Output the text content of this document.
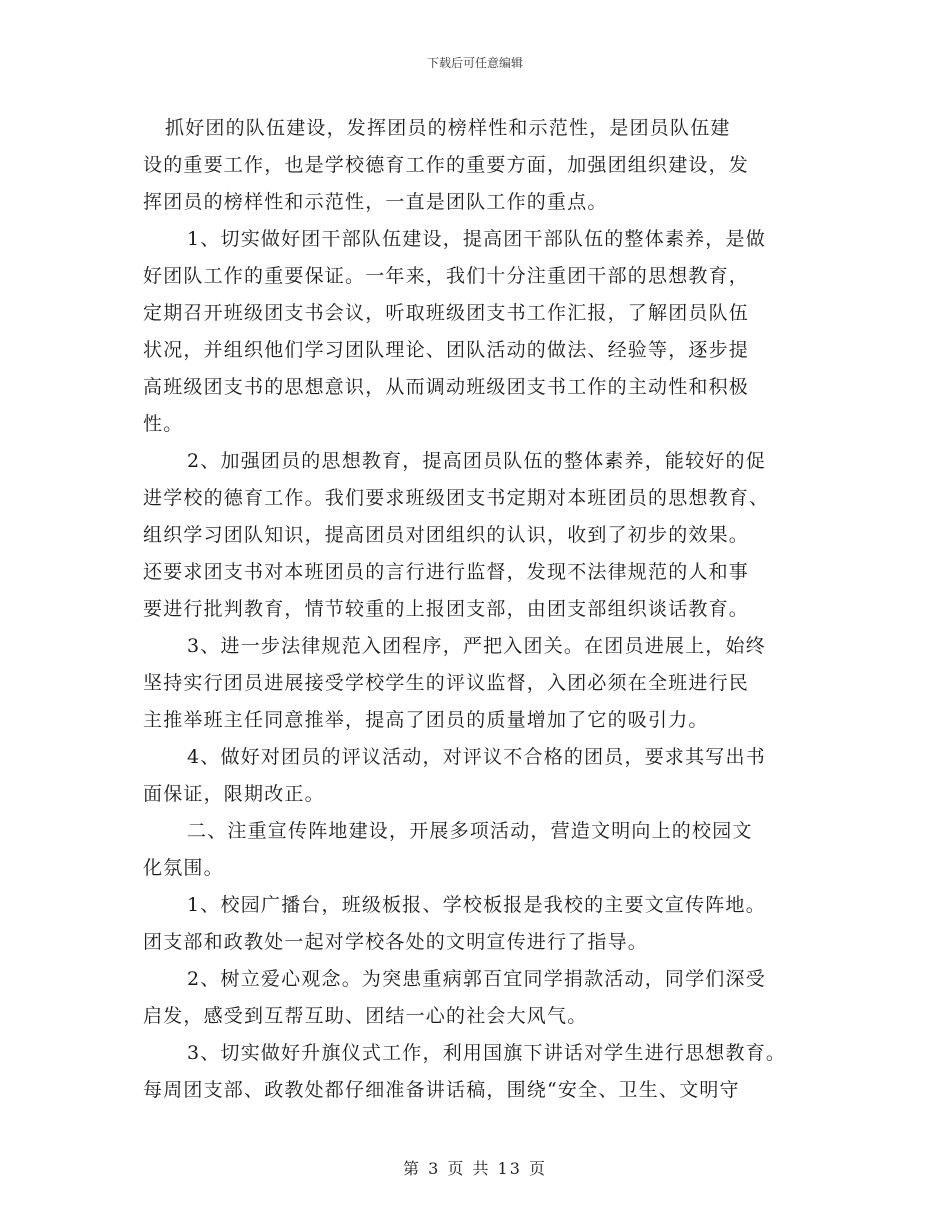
下载后可任意编辑
抓好团的队伍建设，发挥团员的榜样性和示范性，是团员队伍建
设的重要工作，也是学校德育工作的重要方面，加强团组织建设，发
挥团员的榜样性和示范性，一直是团队工作的重点。
1、切实做好团干部队伍建设，提高团干部队伍的整体素养，是做
好团队工作的重要保证。一年来，我们十分注重团干部的思想教育，
定期召开班级团支书会议，听取班级团支书工作汇报，了解团员队伍
状况，并组织他们学习团队理论、团队活动的做法、经验等，逐步提
高班级团支书的思想意识，从而调动班级团支书工作的主动性和积极
性。
2、加强团员的思想教育，提高团员队伍的整体素养，能较好的促
进学校的德育工作。我们要求班级团支书定期对本班团员的思想教育、
组织学习团队知识，提高团员对团组织的认识，收到了初步的效果。
还要求团支书对本班团员的言行进行监督，发现不法律规范的人和事
要进行批判教育，情节较重的上报团支部，由团支部组织谈话教育。
3、进一步法律规范入团程序，严把入团关。在团员进展上，始终
坚持实行团员进展接受学校学生的评议监督，入团必须在全班进行民
主推举班主任同意推举，提高了团员的质量增加了它的吸引力。
4、做好对团员的评议活动，对评议不合格的团员，要求其写出书
面保证，限期改正。
二、注重宣传阵地建设，开展多项活动，营造文明向上的校园文
化氛围。
1、校园广播台，班级板报、学校板报是我校的主要文宣传阵地。
团支部和政教处一起对学校各处的文明宣传进行了指导。
2、树立爱心观念。为突患重病郭百宜同学捐款活动，同学们深受
启发，感受到互帮互助、团结一心的社会大风气。
3、切实做好升旗仪式工作，利用国旗下讲话对学生进行思想教育。
每周团支部、政教处都仔细准备讲话稿，围绕“安全、卫生、文明守
第 3 页 共 13 页
